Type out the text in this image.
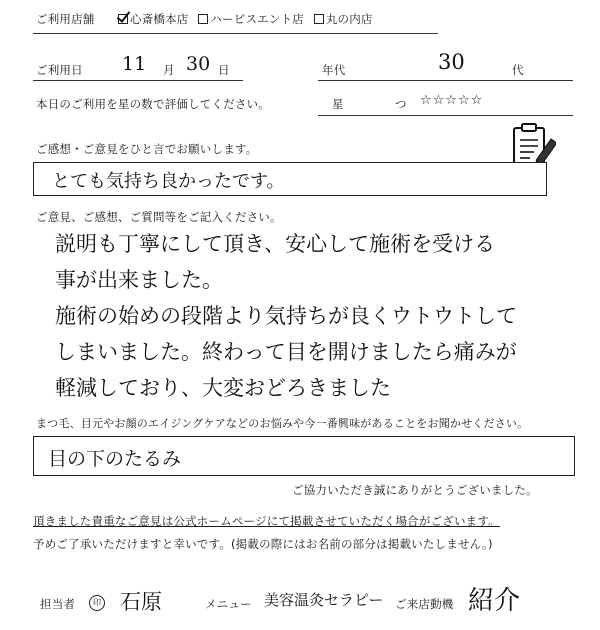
ご利用店舗	心斎橋本店 ハービスエント店 丸の内店
ご利用日 11 月 30 日	年代	30	代
本日のご利用を星の数で評価してください。	星	つ ☆☆☆☆☆
ご感想・ご意見をひと言でお願いします。
とても気持ち良かったです。
ご意見、ご感想、ご質問等をご記入ください。
説明も丁寧にして頂き、安心して施術を受ける
事が出来ました。
施術の始めの段階より気持ちが良くウトウトして
しまいました。終わって目を開けましたら痛みが
軽減しており、大変おどろきました
まつ毛、目元やお顔のエイジングケアなどのお悩みや今一番興味があることをお聞かせください。
目の下のたるみ
ご協力いただき誠にありがとうございました。
頂きました貴重なご意見は公式ホームページにて掲載させていただく場合がございます。
予めご了承いただけますと幸いです。(掲載の際にはお名前の部分は掲載いたしません。)
担当者	印 石原	メニュー 美容温灸セラピー ご来店動機 紹介
